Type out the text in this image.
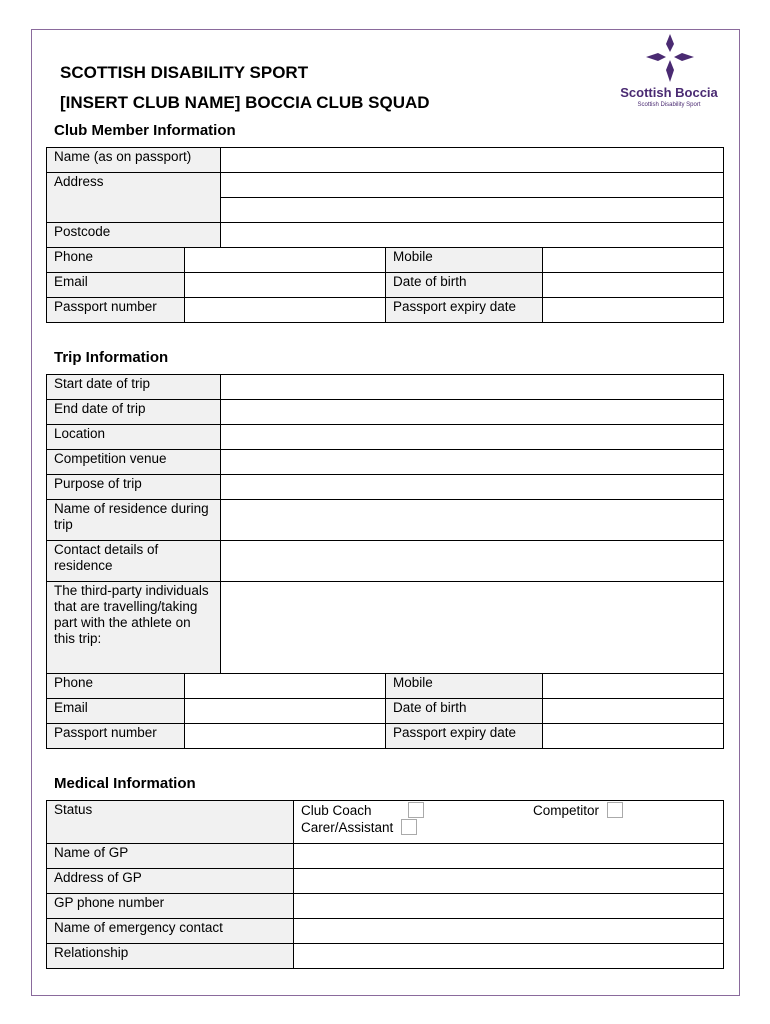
SCOTTISH DISABILITY SPORT
[INSERT CLUB NAME] BOCCIA CLUB SQUAD
Scottish Boccia
Scottish Disability Sport
Club Member Information
Name (as on passport)				
Address				

Postcode				
Phone			Mobile	
Email			Date of birth	
Passport number			Passport expiry date	
Trip Information
Start date of trip				
End date of trip				
Location				
Competition venue				
Purpose of trip				
Name of residence during trip				
Contact details of residence				
The third-party individuals that are travelling/taking part with the athlete on this trip:				
Phone			Mobile	
Email			Date of birth	
Passport number			Passport expiry date	
Medical Information
Status	Club Coach Competitor
Carer/Assistant

Name of GP	
Address of GP	
GP phone number	
Name of emergency contact	
Relationship	
